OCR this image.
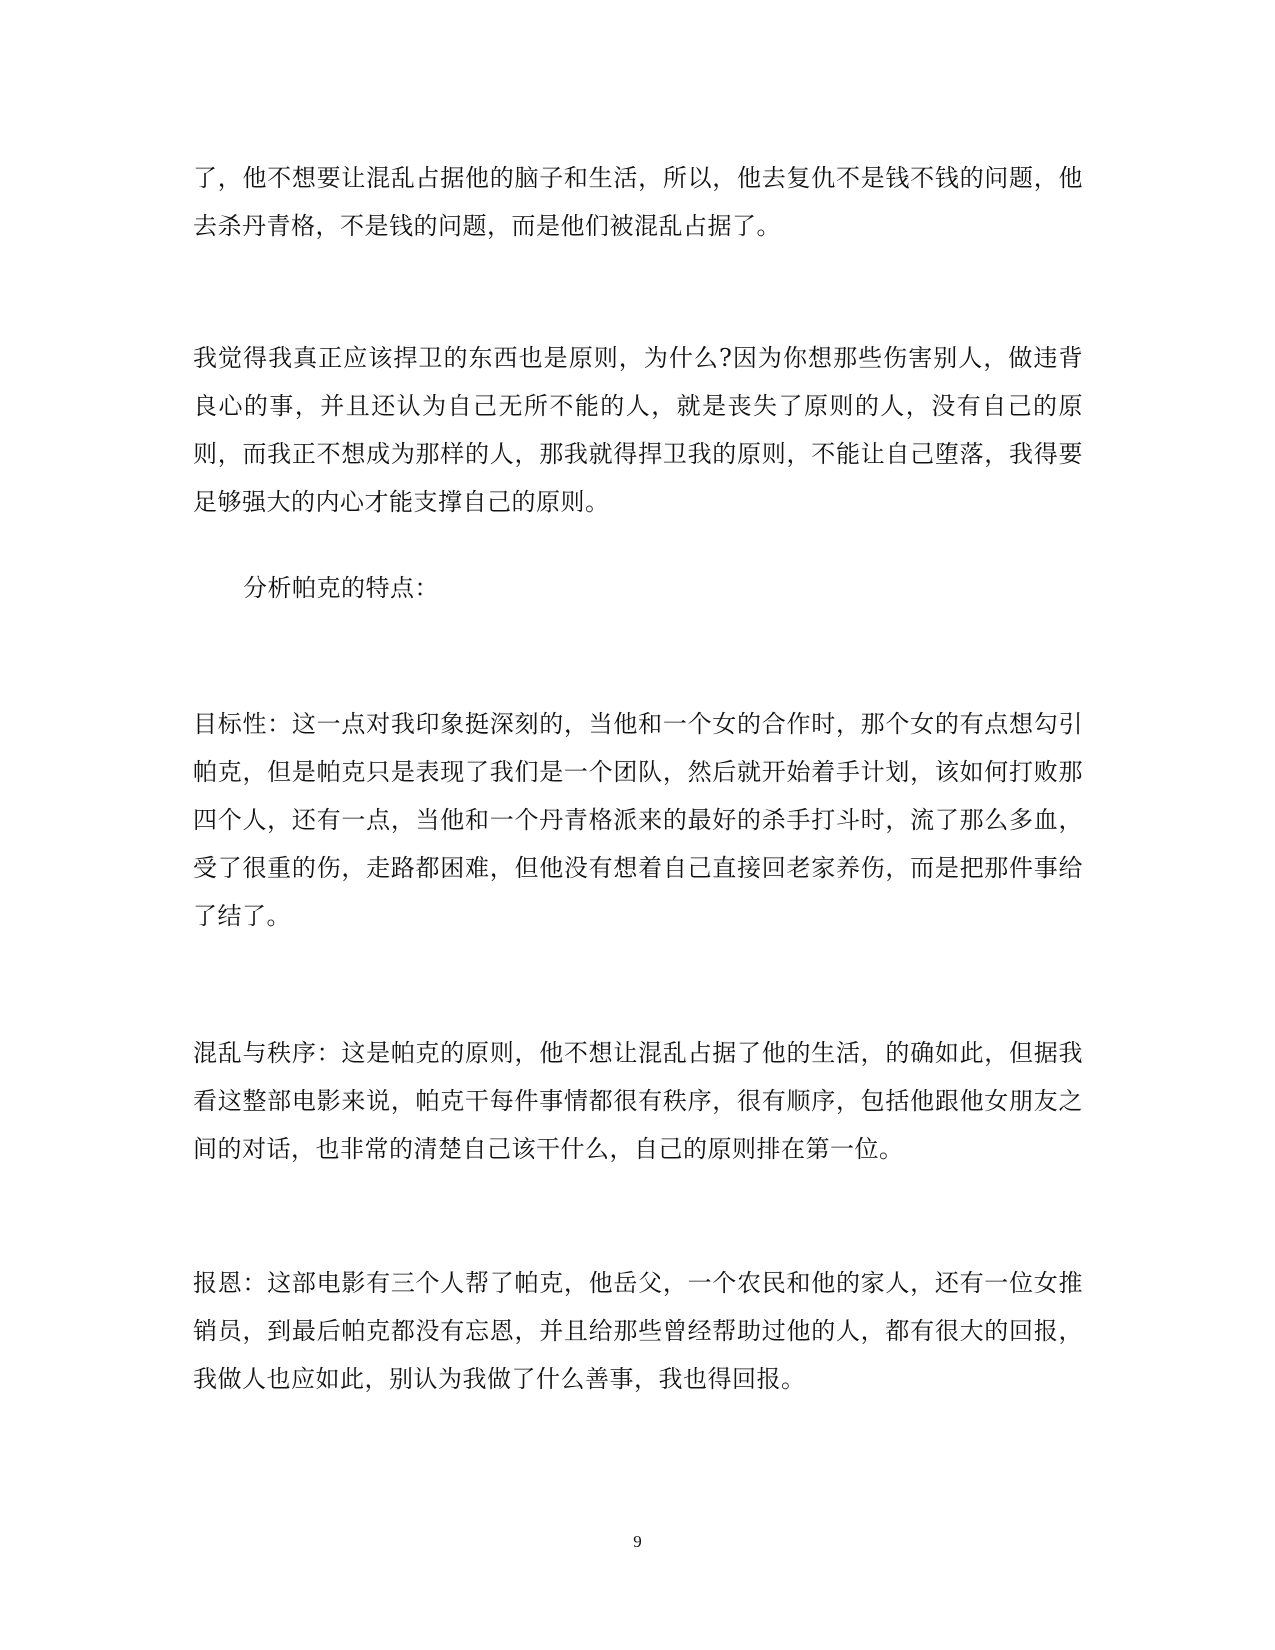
了，他不想要让混乱占据他的脑子和生活，所以，他去复仇不是钱不钱的问题，他去杀丹青格，不是钱的问题，而是他们被混乱占据了。

我觉得我真正应该捍卫的东西也是原则，为什么?因为你想那些伤害别人，做违背良心的事，并且还认为自己无所不能的人，就是丧失了原则的人，没有自己的原则，而我正不想成为那样的人，那我就得捍卫我的原则，不能让自己堕落，我得要足够强大的内心才能支撑自己的原则。

分析帕克的特点：

目标性：这一点对我印象挺深刻的，当他和一个女的合作时，那个女的有点想勾引帕克，但是帕克只是表现了我们是一个团队，然后就开始着手计划，该如何打败那四个人，还有一点，当他和一个丹青格派来的最好的杀手打斗时，流了那么多血，受了很重的伤，走路都困难，但他没有想着自己直接回老家养伤，而是把那件事给了结了。

混乱与秩序：这是帕克的原则，他不想让混乱占据了他的生活，的确如此，但据我看这整部电影来说，帕克干每件事情都很有秩序，很有顺序，包括他跟他女朋友之间的对话，也非常的清楚自己该干什么，自己的原则排在第一位。

报恩：这部电影有三个人帮了帕克，他岳父，一个农民和他的家人，还有一位女推销员，到最后帕克都没有忘恩，并且给那些曾经帮助过他的人，都有很大的回报，我做人也应如此，别认为我做了什么善事，我也得回报。

9
